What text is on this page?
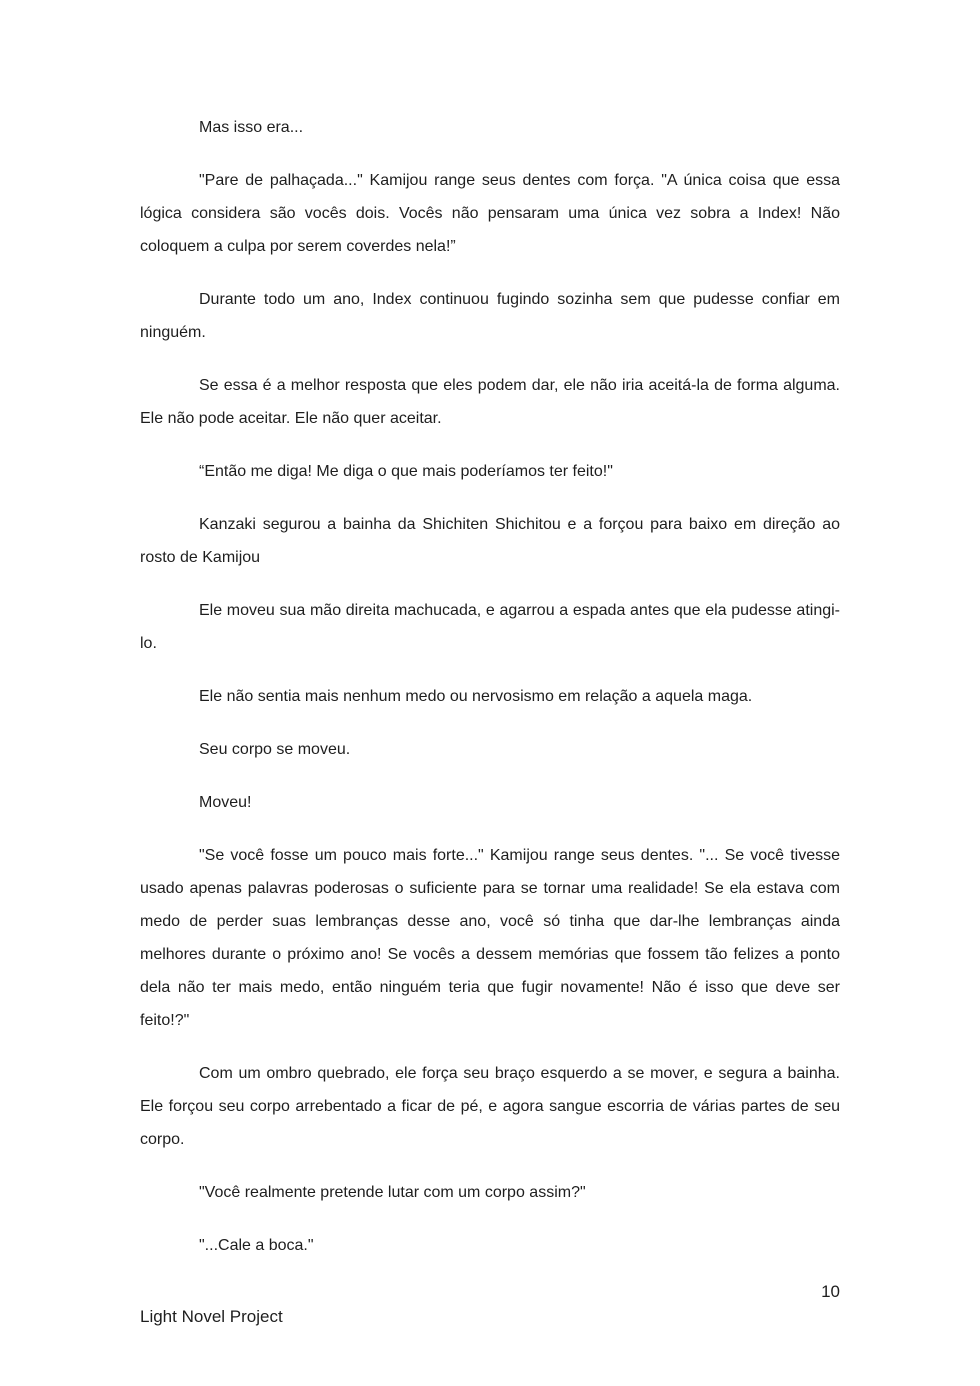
Mas isso era...

"Pare de palhaçada..." Kamijou range seus dentes com força. "A única coisa que essa lógica considera são vocês dois. Vocês não pensaram uma única vez sobra a Index! Não coloquem a culpa por serem coverdes nela!”

Durante todo um ano, Index continuou fugindo sozinha sem que pudesse confiar em ninguém.

Se essa é a melhor resposta que eles podem dar, ele não iria aceitá-la de forma alguma. Ele não pode aceitar. Ele não quer aceitar.

“Então me diga! Me diga o que mais poderíamos ter feito!"

Kanzaki segurou a bainha da Shichiten Shichitou e a forçou para baixo em direção ao rosto de Kamijou

Ele moveu sua mão direita machucada, e agarrou a espada antes que ela pudesse atingi-lo.

Ele não sentia mais nenhum medo ou nervosismo em relação a aquela maga.

Seu corpo se moveu.

Moveu!

"Se você fosse um pouco mais forte..." Kamijou range seus dentes. "... Se você tivesse usado apenas palavras poderosas o suficiente para se tornar uma realidade! Se ela estava com medo de perder suas lembranças desse ano, você só tinha que dar-lhe lembranças ainda melhores durante o próximo ano! Se vocês a dessem memórias que fossem tão felizes a ponto dela não ter mais medo, então ninguém teria que fugir novamente! Não é isso que deve ser feito!?"

Com um ombro quebrado, ele força seu braço esquerdo a se mover, e segura a bainha. Ele forçou seu corpo arrebentado a ficar de pé, e agora sangue escorria de várias partes de seu corpo.

"Você realmente pretende lutar com um corpo assim?"

"...Cale a boca."

10
Light Novel Project
